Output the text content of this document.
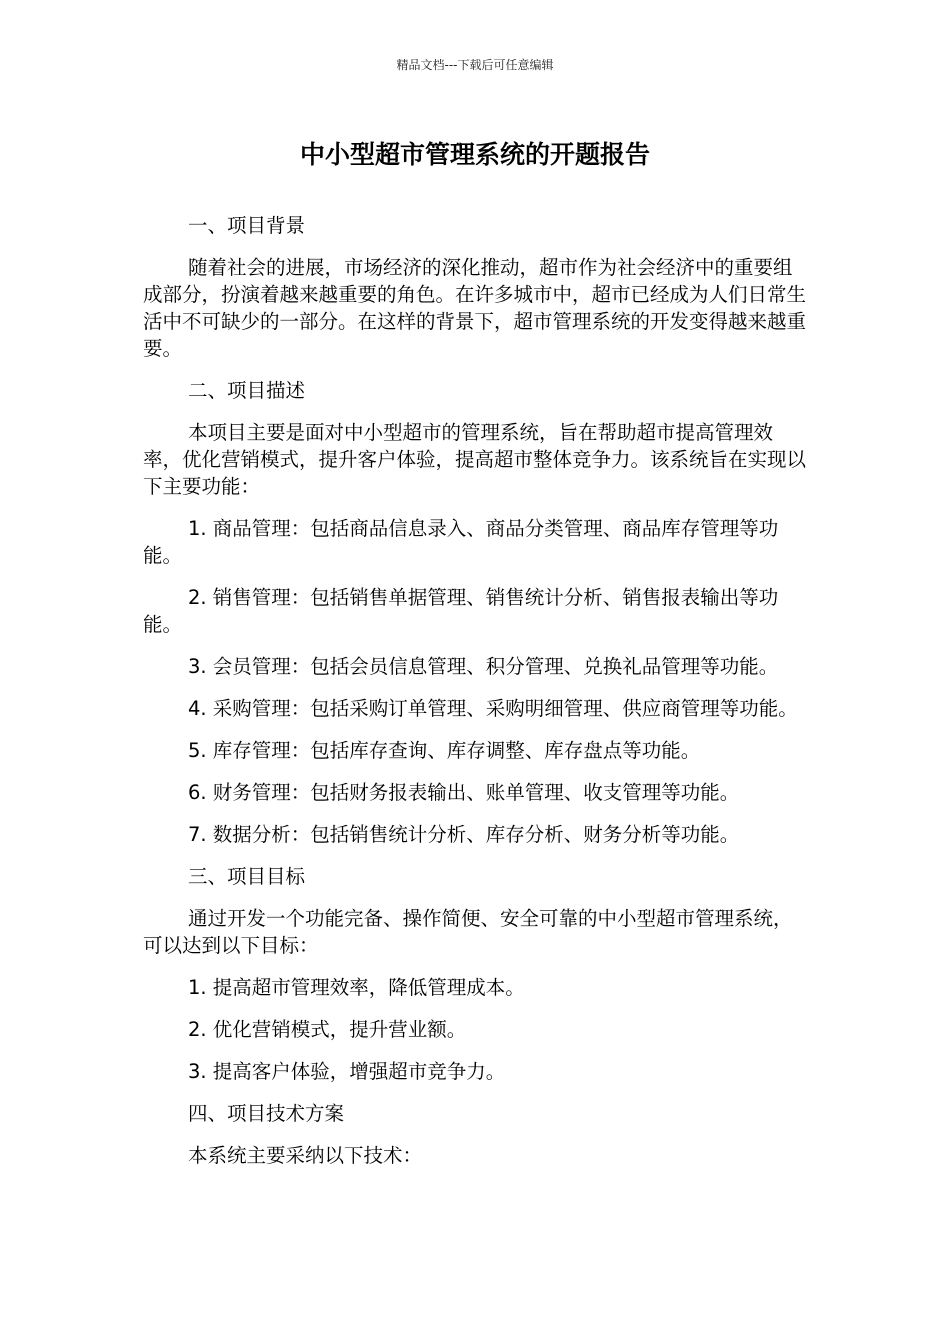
精品文档---下载后可任意编辑
中小型超市管理系统的开题报告

一、项目背景

随着社会的进展，市场经济的深化推动，超市作为社会经济中的重要组成部分，扮演着越来越重要的角色。在许多城市中，超市已经成为人们日常生活中不可缺少的一部分。在这样的背景下，超市管理系统的开发变得越来越重要。

二、项目描述

本项目主要是面对中小型超市的管理系统，旨在帮助超市提高管理效率，优化营销模式，提升客户体验，提高超市整体竞争力。该系统旨在实现以下主要功能：

1. 商品管理：包括商品信息录入、商品分类管理、商品库存管理等功能。

2. 销售管理：包括销售单据管理、销售统计分析、销售报表输出等功能。

3. 会员管理：包括会员信息管理、积分管理、兑换礼品管理等功能。

4. 采购管理：包括采购订单管理、采购明细管理、供应商管理等功能。

5. 库存管理：包括库存查询、库存调整、库存盘点等功能。

6. 财务管理：包括财务报表输出、账单管理、收支管理等功能。

7. 数据分析：包括销售统计分析、库存分析、财务分析等功能。

三、项目目标

通过开发一个功能完备、操作简便、安全可靠的中小型超市管理系统，可以达到以下目标：

1. 提高超市管理效率，降低管理成本。

2. 优化营销模式，提升营业额。

3. 提高客户体验，增强超市竞争力。

四、项目技术方案

本系统主要采纳以下技术：
